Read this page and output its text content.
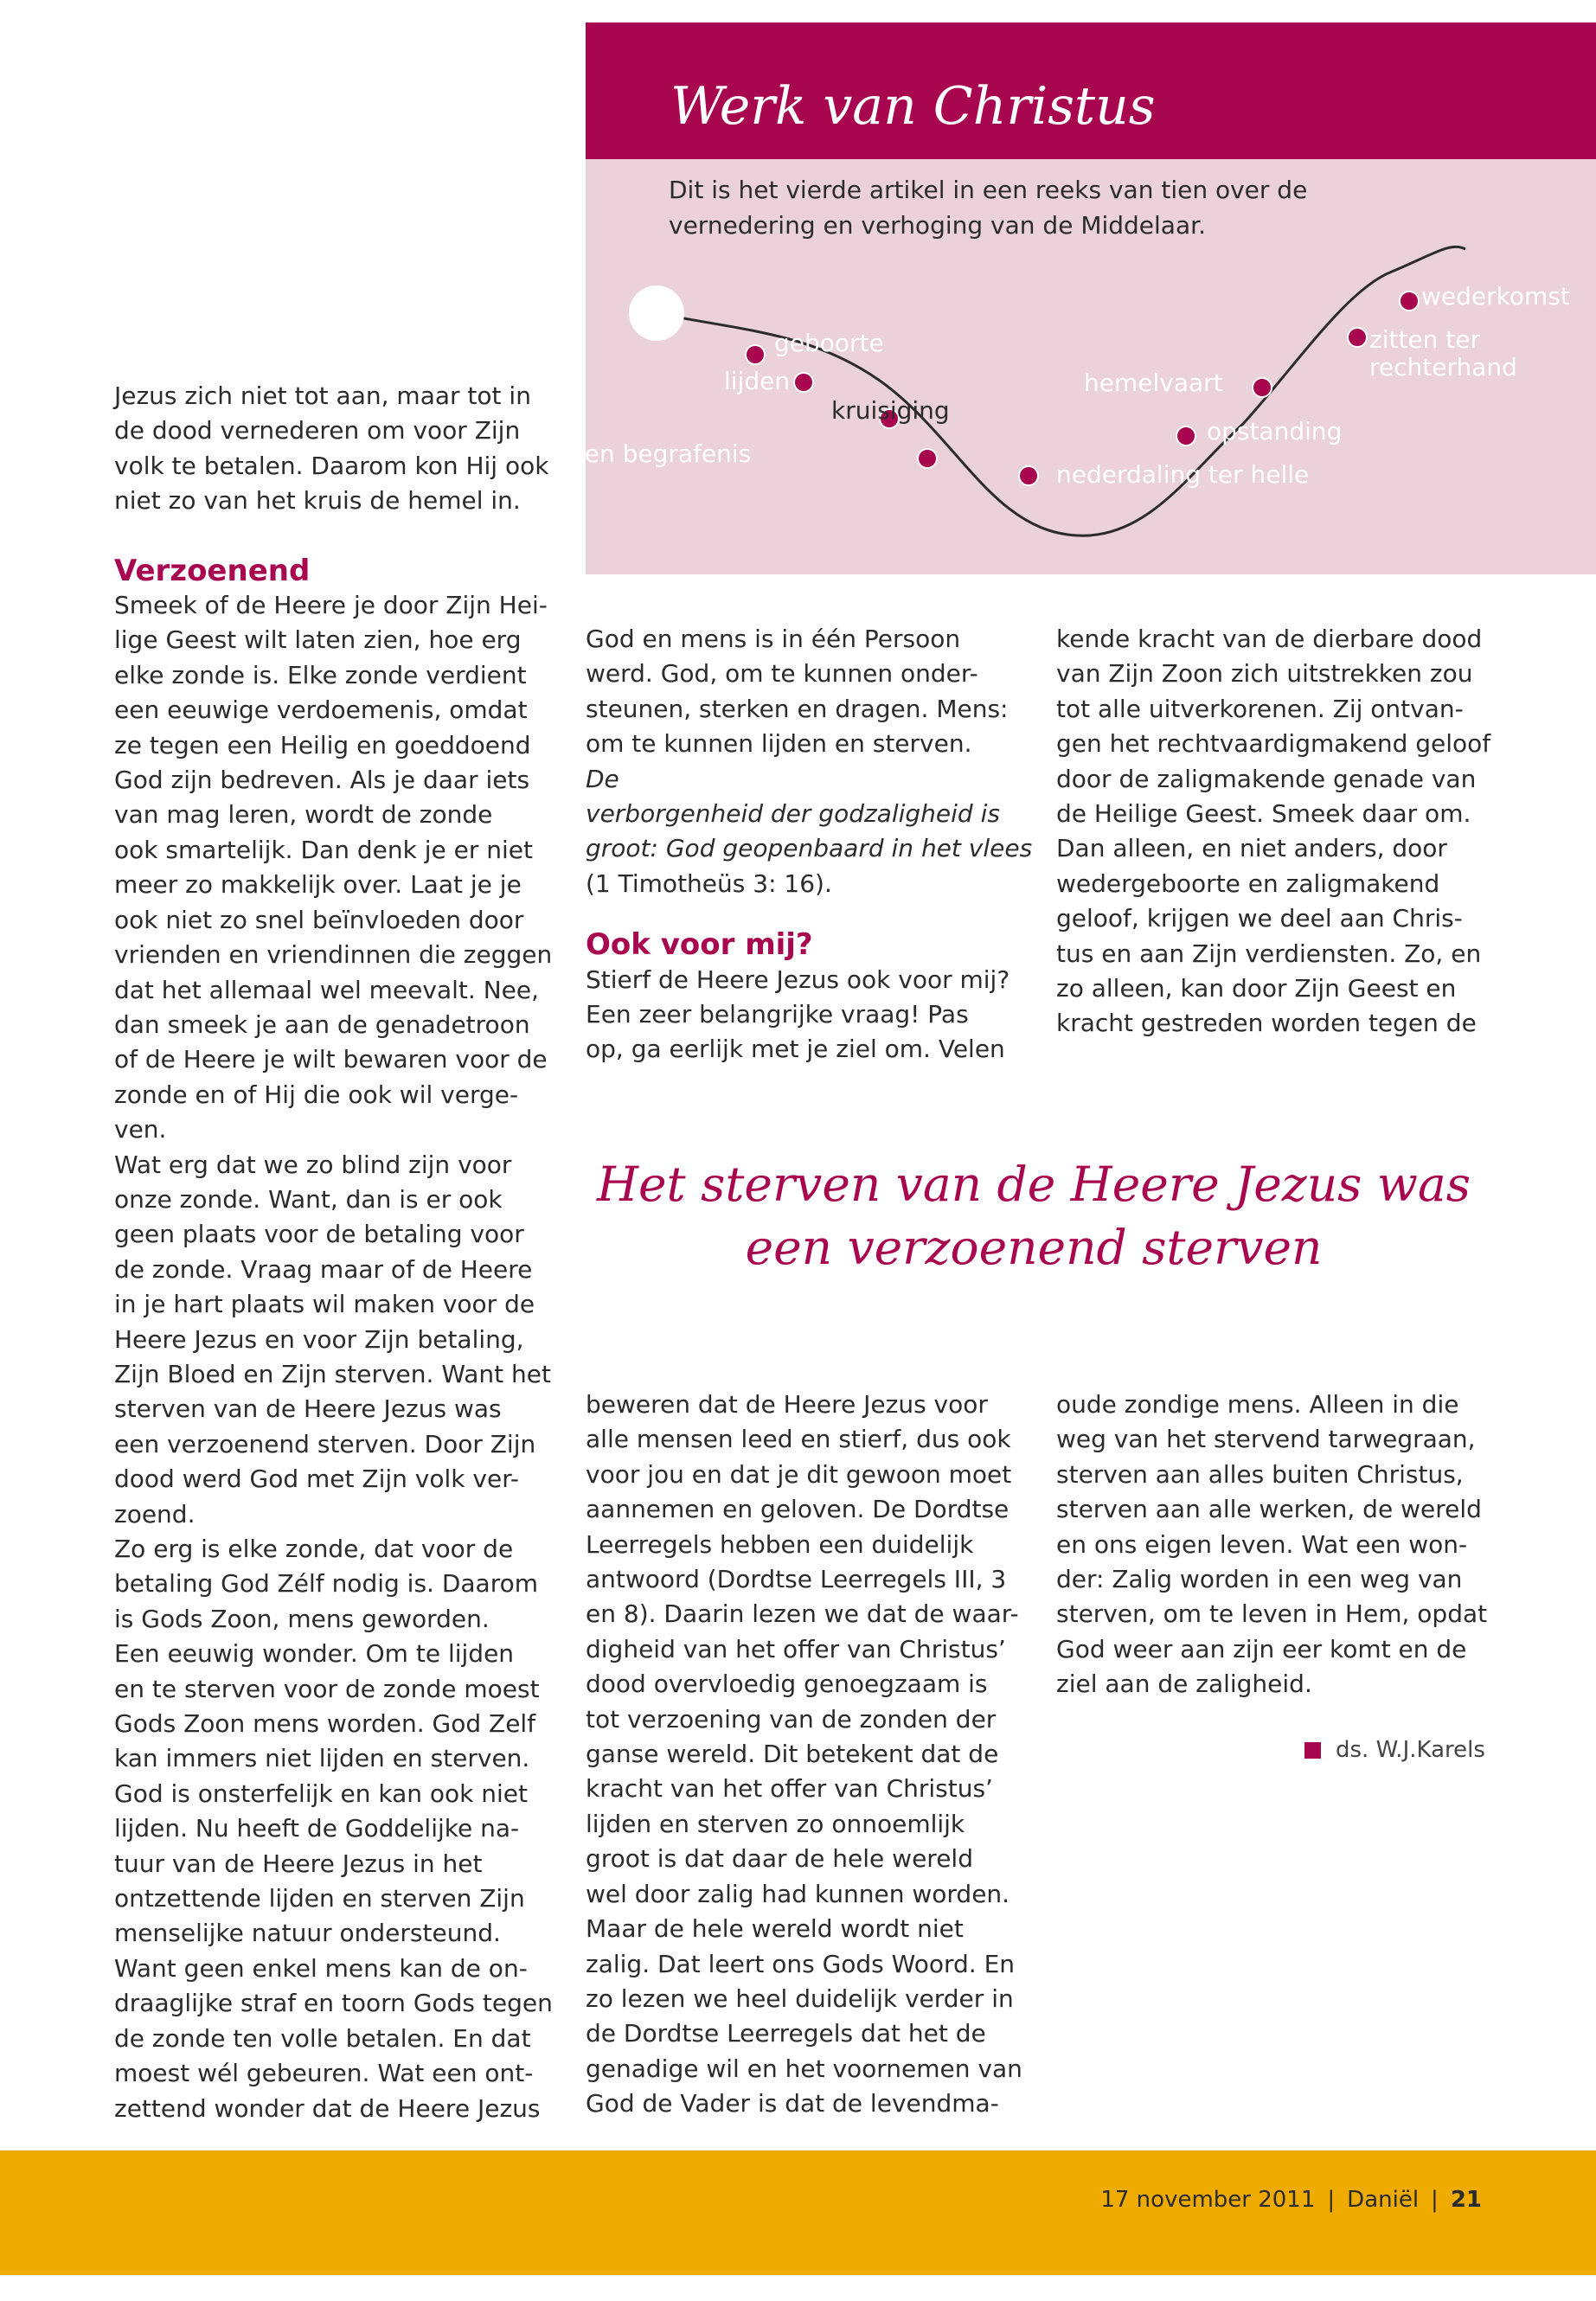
Werk van Christus
Dit is het vierde artikel in een reeks van tien over de vernedering en verhoging van de Middelaar.
geboorte
lijden
kruisiging
sterven en begrafenis
nederdaling ter helle
opstanding
hemelvaart
zitten ter
rechterhand
wederkomst

Jezus zich niet tot aan, maar tot in
de dood vernederen om voor Zijn
volk te betalen. Daarom kon Hij ook
niet zo van het kruis de hemel in.

Verzoenend

Smeek of de Heere je door Zijn Hei-
lige Geest wilt laten zien, hoe erg
elke zonde is. Elke zonde verdient
een eeuwige verdoemenis, omdat
ze tegen een Heilig en goeddoend
God zijn bedreven. Als je daar iets
van mag leren, wordt de zonde
ook smartelijk. Dan denk je er niet
meer zo makkelijk over. Laat je je
ook niet zo snel beïnvloeden door
vrienden en vriendinnen die zeggen
dat het allemaal wel meevalt. Nee,
dan smeek je aan de genadetroon
of de Heere je wilt bewaren voor de
zonde en of Hij die ook wil verge-
ven.

Wat erg dat we zo blind zijn voor
onze zonde. Want, dan is er ook
geen plaats voor de betaling voor
de zonde. Vraag maar of de Heere
in je hart plaats wil maken voor de
Heere Jezus en voor Zijn betaling,
Zijn Bloed en Zijn sterven. Want het
sterven van de Heere Jezus was
een verzoenend sterven. Door Zijn
dood werd God met Zijn volk ver-
zoend.

Zo erg is elke zonde, dat voor de
betaling God Zélf nodig is. Daarom
is Gods Zoon, mens geworden.
Een eeuwig wonder. Om te lijden
en te sterven voor de zonde moest
Gods Zoon mens worden. God Zelf
kan immers niet lijden en sterven.
God is onsterfelijk en kan ook niet
lijden. Nu heeft de Goddelijke na-
tuur van de Heere Jezus in het
ontzettende lijden en sterven Zijn
menselijke natuur ondersteund.
Want geen enkel mens kan de on-
draaglijke straf en toorn Gods tegen
de zonde ten volle betalen. En dat
moest wél gebeuren. Wat een ont-
zettend wonder dat de Heere Jezus

God en mens is in één Persoon
werd. God, om te kunnen onder-
steunen, sterken en dragen. Mens:
om te kunnen lijden en sterven.

De
verborgenheid der godzaligheid is
groot: God geopenbaard in het vlees

(1 Timotheüs 3: 16).

Ook voor mij?

Stierf de Heere Jezus ook voor mij?
Een zeer belangrijke vraag! Pas
op, ga eerlijk met je ziel om. Velen

kende kracht van de dierbare dood
van Zijn Zoon zich uitstrekken zou
tot alle uitverkorenen. Zij ontvan-
gen het rechtvaardigmakend geloof
door de zaligmakende genade van
de Heilige Geest. Smeek daar om.
Dan alleen, en niet anders, door
wedergeboorte en zaligmakend
geloof, krijgen we deel aan Chris-
tus en aan Zijn verdiensten. Zo, en
zo alleen, kan door Zijn Geest en
kracht gestreden worden tegen de

Het sterven van de Heere Jezus was een verzoenend sterven

beweren dat de Heere Jezus voor
alle mensen leed en stierf, dus ook
voor jou en dat je dit gewoon moet
aannemen en geloven. De Dordtse
Leerregels hebben een duidelijk
antwoord (Dordtse Leerregels III, 3
en 8). Daarin lezen we dat de waar-
digheid van het offer van Christus’
dood overvloedig genoegzaam is
tot verzoening van de zonden der
ganse wereld. Dit betekent dat de
kracht van het offer van Christus’
lijden en sterven zo onnoemlijk
groot is dat daar de hele wereld
wel door zalig had kunnen worden.
Maar de hele wereld wordt niet
zalig. Dat leert ons Gods Woord. En
zo lezen we heel duidelijk verder in
de Dordtse Leerregels dat het de
genadige wil en het voornemen van
God de Vader is dat de levendma-

oude zondige mens. Alleen in die
weg van het stervend tarwegraan,
sterven aan alles buiten Christus,
sterven aan alle werken, de wereld
en ons eigen leven. Wat een won-
der: Zalig worden in een weg van
sterven, om te leven in Hem, opdat
God weer aan zijn eer komt en de
ziel aan de zaligheid.

ds. W.J.Karels
17 november 2011 | Daniël | 21
